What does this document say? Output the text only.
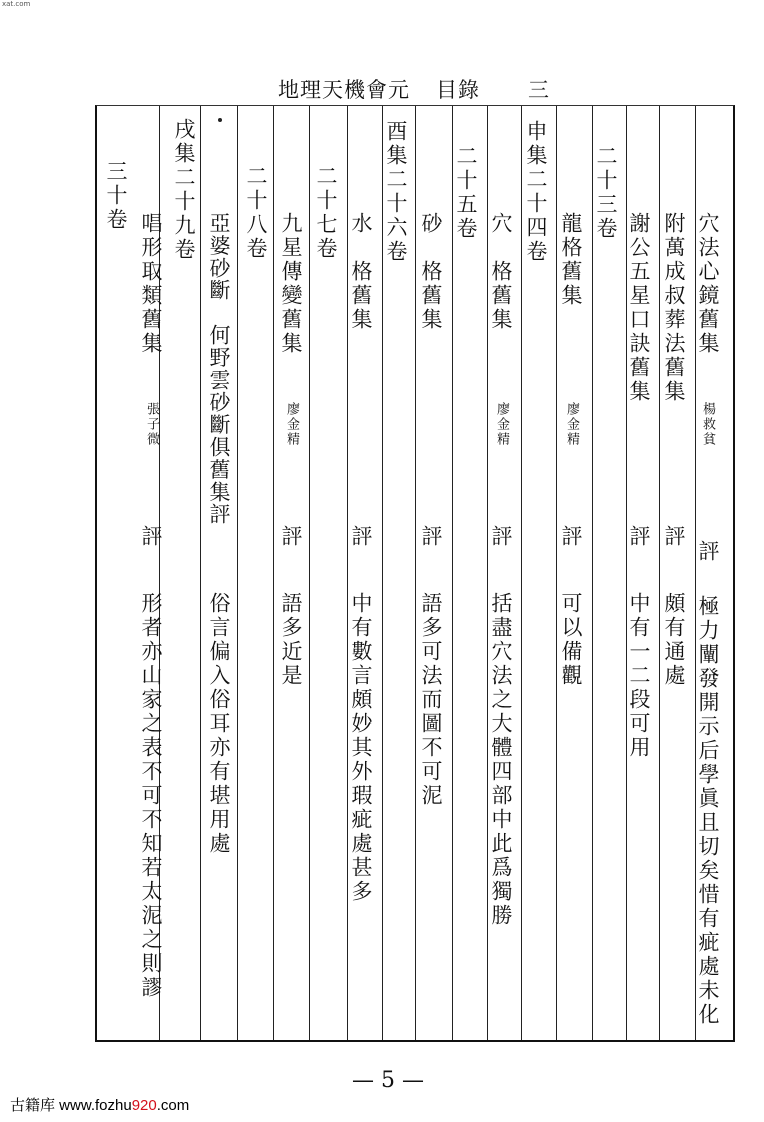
xat.com
地理天機會元 目錄 三
穴法心鏡舊集
楊救貧
評
極力闡發開示后學眞且切矣惜有疵處未化
附萬成叔葬法舊集
評
頗有通處
謝公五星口訣舊集
評
中有一二段可用
二十三卷
龍格舊集
廖金精
評
可以備觀
申集二十四卷
穴　格舊集
廖金精
評
括盡穴法之大體四部中此爲獨勝
二十五卷
砂　格舊集
評
語多可法而圖不可泥
酉集二十六卷
水　格舊集
評
中有數言頗妙其外瑕疵處甚多
二十七卷
九星傳變舊集
廖金精
評
語多近是
二十八卷
亞婆砂斷　何野雲砂斷俱舊集評
俗言偏入俗耳亦有堪用處
戌集二十九卷
唱形取類舊集
張子微
評
形者亦山家之表不可不知若太泥之則謬
三十卷
— 5 —
古籍库 www.fozhu920.com
